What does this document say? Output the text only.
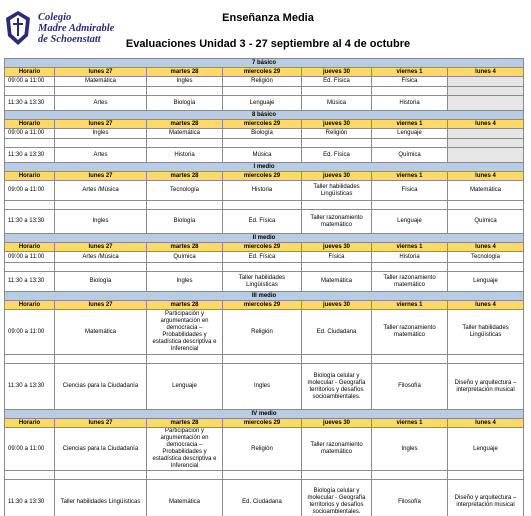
Colegio
Madre Admirable
de Schoenstatt
Enseñanza Media
Evaluaciones Unidad 3 - 27 septiembre al 4 de octubre
7 básico						
Horario	lunes 27	martes 28	miercoles 29	jueves 30	viernes 1	lunes 4
09:00 a 11:00	Matemática	Ingles	Religión	Ed. Física	Física	

11:30 a 13:30	Artes	Biología	Lenguaje	Música	Historia	
8 básico						
Horario	lunes 27	martes 28	miercoles 29	jueves 30	viernes 1	lunes 4
09:00 a 11:00	Ingles	Matemática	Biología	Religión	Lenguaje	

11:30 a 13:30	Artes	Historia	Música	Ed. Física	Química	
I medio						
Horario	lunes 27	martes 28	miercoles 29	jueves 30	viernes 1	lunes 4
09:00 a 11:00	Artes /Música	Tecnología	Historia	Taller habilidades Lingüísticas	Física	Matemática

11:30 a 13:30	Ingles	Biología	Ed. Física	Taller razonamiento matemático	Lenguaje	Química
II medio						
Horario	lunes 27	martes 28	miercoles 29	jueves 30	viernes 1	lunes 4
09:00 a 11:00	Artes /Música	Química	Ed. Física	Física	Historia	Tecnología

11:30 a 13:30	Biología	Ingles	Taller habilidades Lingüísticas	Matemática	Taller razonamiento matemático	Lenguaje
III medio						
Horario	lunes 27	martes 28	miercoles 29	jueves 30	viernes 1	lunes 4
09:00 a 11:00	Matemática	Participación y argumentación en democracia – Probabilidades y estadística descriptiva e Inferencial	Religión	Ed. Ciudadana	Taller razonamiento matemático	Taller habilidades Lingüísticas

11:30 a 13:30	Ciencias para la Ciudadanía	Lenguaje	Ingles	Biología celular y molecular - Geografía territorios y desafíos socioambientales.	Filosofía	Diseño y arquitectura – interpretación musical
IV medio						
Horario	lunes 27	martes 28	miercoles 29	jueves 30	viernes 1	lunes 4
09:00 a 11:00	Ciencias para la Ciudadanía	Participación y argumentación en democracia – Probabilidades y estadística descriptiva e Inferencial	Religión	Taller razonamiento matemático	Ingles	Lenguaje

11:30 a 13:30	Taller habilidades Lingüísticas	Matemática	Ed. Ciudadana	Biología celular y molecular - Geografía territorios y desafíos socioambientales.	Filosofía	Diseño y arquitectura – interpretación musical
